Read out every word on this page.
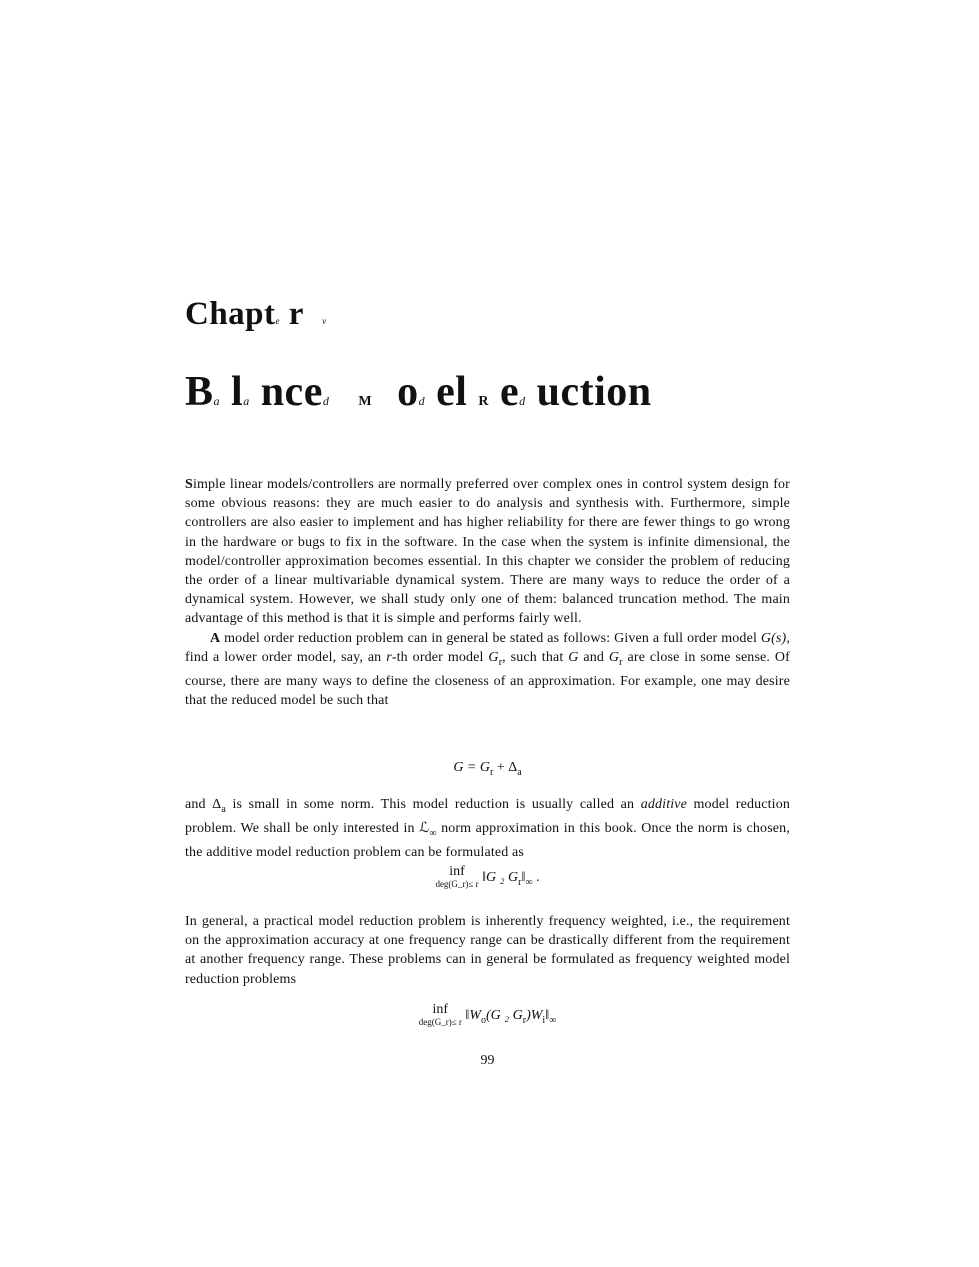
Chapte r ν
Ba la nced M od el R ed uction

Simple linear models/controllers are normally preferred over complex ones in control system design for some obvious reasons: they are much easier to do analysis and synthesis with. Furthermore, simple controllers are also easier to implement and has higher reliability for there are fewer things to go wrong in the hardware or bugs to fix in the software. In the case when the system is infinite dimensional, the model/controller approximation becomes essential. In this chapter we consider the problem of reducing the order of a linear multivariable dynamical system. There are many ways to reduce the order of a dynamical system. However, we shall study only one of them: balanced truncation method. The main advantage of this method is that it is simple and performs fairly well.

A model order reduction problem can in general be stated as follows: Given a full order model G(s), find a lower order model, say, an r-th order model $G_r$, such that G and $G_r$ are close in some sense. Of course, there are many ways to define the closeness of an approximation. For example, one may desire that the reduced model be such that

$G = G_r + \Delta_a$

and $\Delta_a$ is small in some norm. This model reduction is usually called an additive model reduction problem. We shall be only interested in ℒ$_\infty$ norm approximation in this book. Once the norm is chosen, the additive model reduction problem can be formulated as

inf
deg(G_r)≤ r ‖G ₂ $G_r‖_\infty$ .

In general, a practical model reduction problem is inherently frequency weighted, i.e., the requirement on the approximation accuracy at one frequency range can be drastically different from the requirement at another frequency range. These problems can in general be formulated as frequency weighted model reduction problems

inf
deg(G_r)≤ r $‖W_o(G$ ₂ $G_r)W_i‖_\infty$
99
